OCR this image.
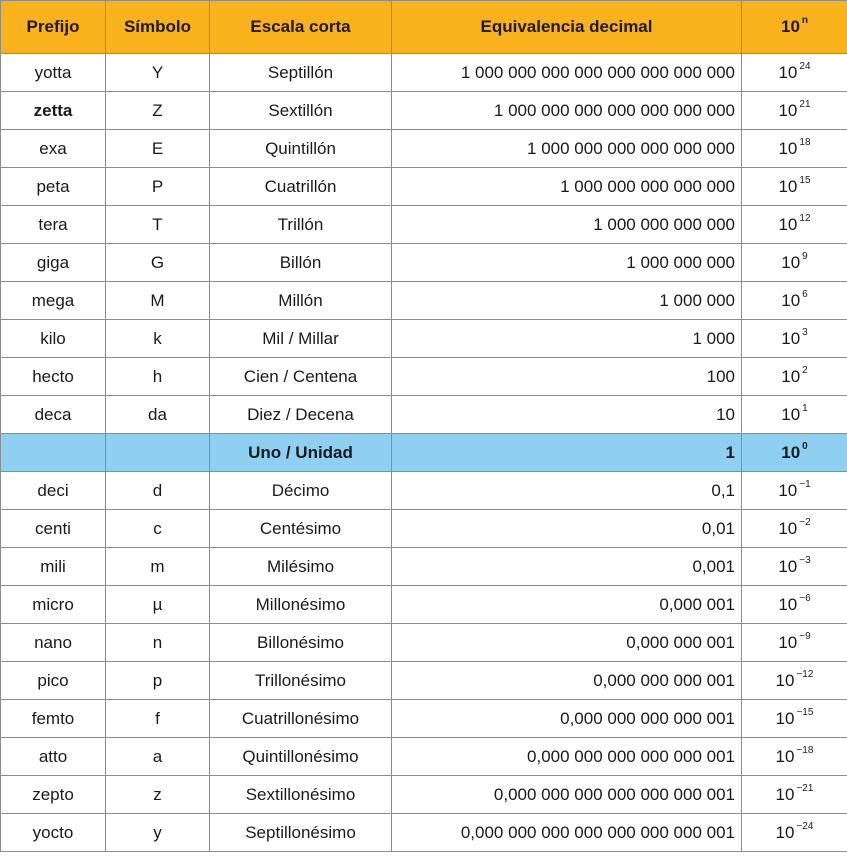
Prefijo	Símbolo	Escala corta	Equivalencia decimal	10 $^n$
yotta	Y	Septillón	1 000 000 000 000 000 000 000 000	10 $^{24}$
zetta	Z	Sextillón	1 000 000 000 000 000 000 000	10 $^{21}$
exa	E	Quintillón	1 000 000 000 000 000 000	10 $^{18}$
peta	P	Cuatrillón	1 000 000 000 000 000	10 $^{15}$
tera	T	Trillón	1 000 000 000 000	10 $^{12}$
giga	G	Billón	1 000 000 000	10 $^9$
mega	M	Millón	1 000 000	10 $^6$
kilo	k	Mil / Millar	1 000	10 $^3$
hecto	h	Cien / Centena	100	10 $^2$
deca	da	Diez / Decena	10	10 $^1$
		Uno / Unidad	1	10 $^0$
deci	d	Décimo	0,1	10 $^{-1}$
centi	c	Centésimo	0,01	10 $^{-2}$
mili	m	Milésimo	0,001	10 $^{-3}$
micro	µ	Millonésimo	0,000 001	10 $^{-6}$
nano	n	Billonésimo	0,000 000 001	10 $^{-9}$
pico	p	Trillonésimo	0,000 000 000 001	10 $^{-12}$
femto	f	Cuatrillonésimo	0,000 000 000 000 001	10 $^{-15}$
atto	a	Quintillonésimo	0,000 000 000 000 000 001	10 $^{-18}$
zepto	z	Sextillonésimo	0,000 000 000 000 000 000 001	10 $^{-21}$
yocto	y	Septillonésimo	0,000 000 000 000 000 000 000 001	10 $^{-24}$
